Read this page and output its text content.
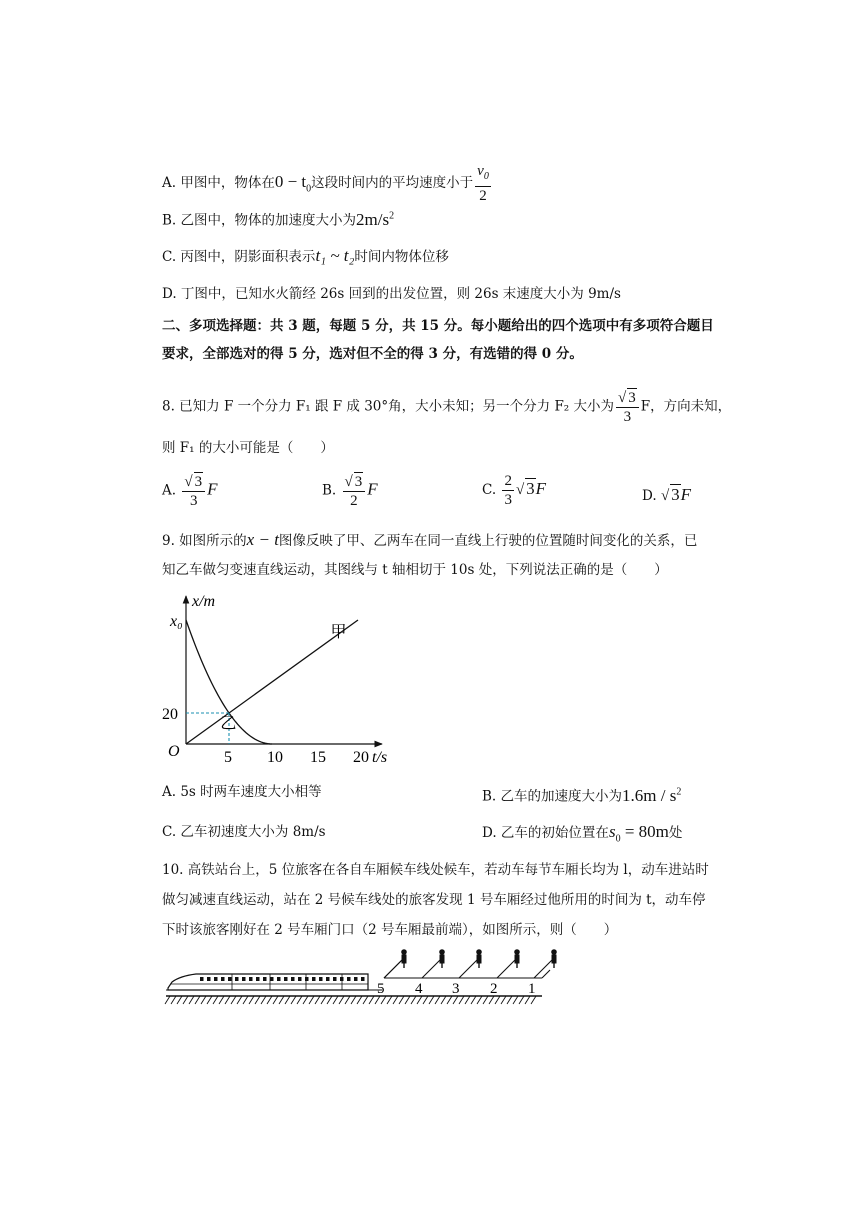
A. 甲图中，物体在$0 - t_0$这段时间内的平均速度小于 $\frac{v_0}{2}$
B. 乙图中，物体的加速度大小为$2m/s^2$
C. 丙图中，阴影面积表示t₁ ~ t₂时间内物体位移
D. 丁图中，已知水火箭经 26s 回到的出发位置，则 26s 末速度大小为 9m/s
二、多项选择题：共 3 题，每题 5 分，共 15 分。每小题给出的四个选项中有多项符合题目
要求，全部选对的得 5 分，选对但不全的得 3 分，有选错的得 0 分。
8. 已知力 F 一个分力 F₁ 跟 F 成 30°角，大小未知；另一个分力 F₂ 大小为 $\frac{√ 3}{3}$ F，方向未知，
则 F₁ 的大小可能是（　　）
A. $\frac{√ 3}{3}$ F	B. $\frac{√ 3}{2}$ F	C. $\frac{2}{3}$ √ 3F	D. √ 3F
9. 如图所示的x − t图像反映了甲、乙两车在同一直线上行驶的位置随时间变化的关系，已
知乙车做匀变速直线运动，其图线与 t 轴相切于 10s 处，下列说法正确的是（　　）
5 10 15 20
20
x₀
甲
乙
x/m
O	t/s
A. 5s 时两车速度大小相等	B. 乙车的加速度大小为$1.6m / s^2$
C. 乙车初速度大小为 8m/s	D. 乙车的初始位置在$s_0 = 80m$处
10. 高铁站台上，5 位旅客在各自车厢候车线处候车，若动车每节车厢长均为 l，动车进站时
做匀减速直线运动，站在 2 号候车线处的旅客发现 1 号车厢经过他所用的时间为 t，动车停
下时该旅客刚好在 2 号车厢门口（2 号车厢最前端），如图所示，则（　　）
5 4 3 2 1
